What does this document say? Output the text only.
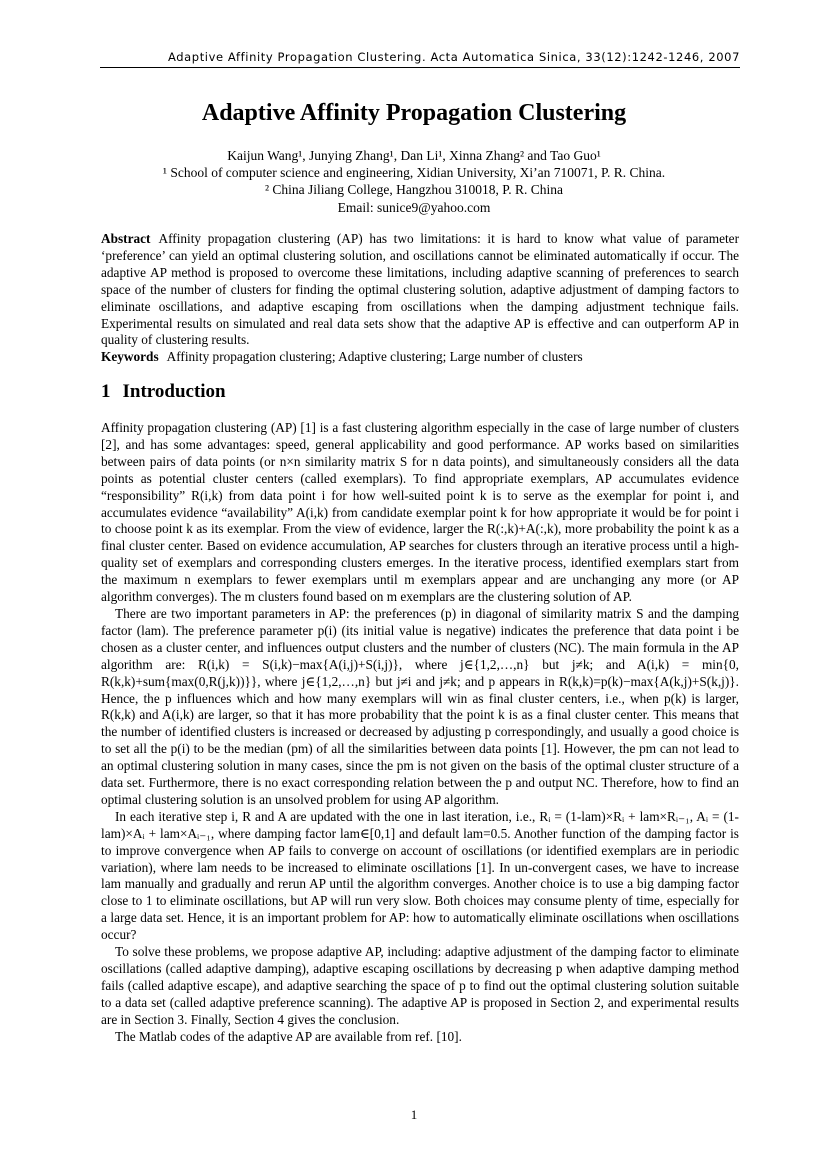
Adaptive Affinity Propagation Clustering. Acta Automatica Sinica, 33(12):1242-1246, 2007
Adaptive Affinity Propagation Clustering
Kaijun Wang¹, Junying Zhang¹, Dan Li¹, Xinna Zhang² and Tao Guo¹
¹ School of computer science and engineering, Xidian University, Xi’an 710071, P. R. China.
² China Jiliang College, Hangzhou 310018, P. R. China
Email: sunice9@yahoo.com
Abstract Affinity propagation clustering (AP) has two limitations: it is hard to know what value of parameter ‘preference’ can yield an optimal clustering solution, and oscillations cannot be eliminated automatically if occur. The adaptive AP method is proposed to overcome these limitations, including adaptive scanning of preferences to search space of the number of clusters for finding the optimal clustering solution, adaptive adjustment of damping factors to eliminate oscillations, and adaptive escaping from oscillations when the damping adjustment technique fails. Experimental results on simulated and real data sets show that the adaptive AP is effective and can outperform AP in quality of clustering results.
Keywords Affinity propagation clustering; Adaptive clustering; Large number of clusters
1 Introduction

Affinity propagation clustering (AP) [1] is a fast clustering algorithm especially in the case of large number of clusters [2], and has some advantages: speed, general applicability and good performance. AP works based on similarities between pairs of data points (or n×n similarity matrix S for n data points), and simultaneously considers all the data points as potential cluster centers (called exemplars). To find appropriate exemplars, AP accumulates evidence “responsibility” R(i,k) from data point i for how well-suited point k is to serve as the exemplar for point i, and accumulates evidence “availability” A(i,k) from candidate exemplar point k for how appropriate it would be for point i to choose point k as its exemplar. From the view of evidence, larger the R(:,k)+A(:,k), more probability the point k as a final cluster center. Based on evidence accumulation, AP searches for clusters through an iterative process until a high-quality set of exemplars and corresponding clusters emerges. In the iterative process, identified exemplars start from the maximum n exemplars to fewer exemplars until m exemplars appear and are unchanging any more (or AP algorithm converges). The m clusters found based on m exemplars are the clustering solution of AP.

There are two important parameters in AP: the preferences (p) in diagonal of similarity matrix S and the damping factor (lam). The preference parameter p(i) (its initial value is negative) indicates the preference that data point i be chosen as a cluster center, and influences output clusters and the number of clusters (NC). The main formula in the AP algorithm are: R(i,k) = S(i,k)−max{A(i,j)+S(i,j)}, where j∈{1,2,…,n} but j≠k; and A(i,k) = min{0, R(k,k)+sum{max(0,R(j,k))}}, where j∈{1,2,…,n} but j≠i and j≠k; and p appears in R(k,k)=p(k)−max{A(k,j)+S(k,j)}. Hence, the p influences which and how many exemplars will win as final cluster centers, i.e., when p(k) is larger, R(k,k) and A(i,k) are larger, so that it has more probability that the point k is as a final cluster center. This means that the number of identified clusters is increased or decreased by adjusting p correspondingly, and usually a good choice is to set all the p(i) to be the median (pm) of all the similarities between data points [1]. However, the pm can not lead to an optimal clustering solution in many cases, since the pm is not given on the basis of the optimal cluster structure of a data set. Furthermore, there is no exact corresponding relation between the p and output NC. Therefore, how to find an optimal clustering solution is an unsolved problem for using AP algorithm.

In each iterative step i, R and A are updated with the one in last iteration, i.e., Rᵢ = (1-lam)×Rᵢ + lam×Rᵢ₋₁, Aᵢ = (1-lam)×Aᵢ + lam×Aᵢ₋₁, where damping factor lam∈[0,1] and default lam=0.5. Another function of the damping factor is to improve convergence when AP fails to converge on account of oscillations (or identified exemplars are in periodic variation), where lam needs to be increased to eliminate oscillations [1]. In un-convergent cases, we have to increase lam manually and gradually and rerun AP until the algorithm converges. Another choice is to use a big damping factor close to 1 to eliminate oscillations, but AP will run very slow. Both choices may consume plenty of time, especially for a large data set. Hence, it is an important problem for AP: how to automatically eliminate oscillations when oscillations occur?

To solve these problems, we propose adaptive AP, including: adaptive adjustment of the damping factor to eliminate oscillations (called adaptive damping), adaptive escaping oscillations by decreasing p when adaptive damping method fails (called adaptive escape), and adaptive searching the space of p to find out the optimal clustering solution suitable to a data set (called adaptive preference scanning). The adaptive AP is proposed in Section 2, and experimental results are in Section 3. Finally, Section 4 gives the conclusion.

The Matlab codes of the adaptive AP are available from ref. [10].

1
